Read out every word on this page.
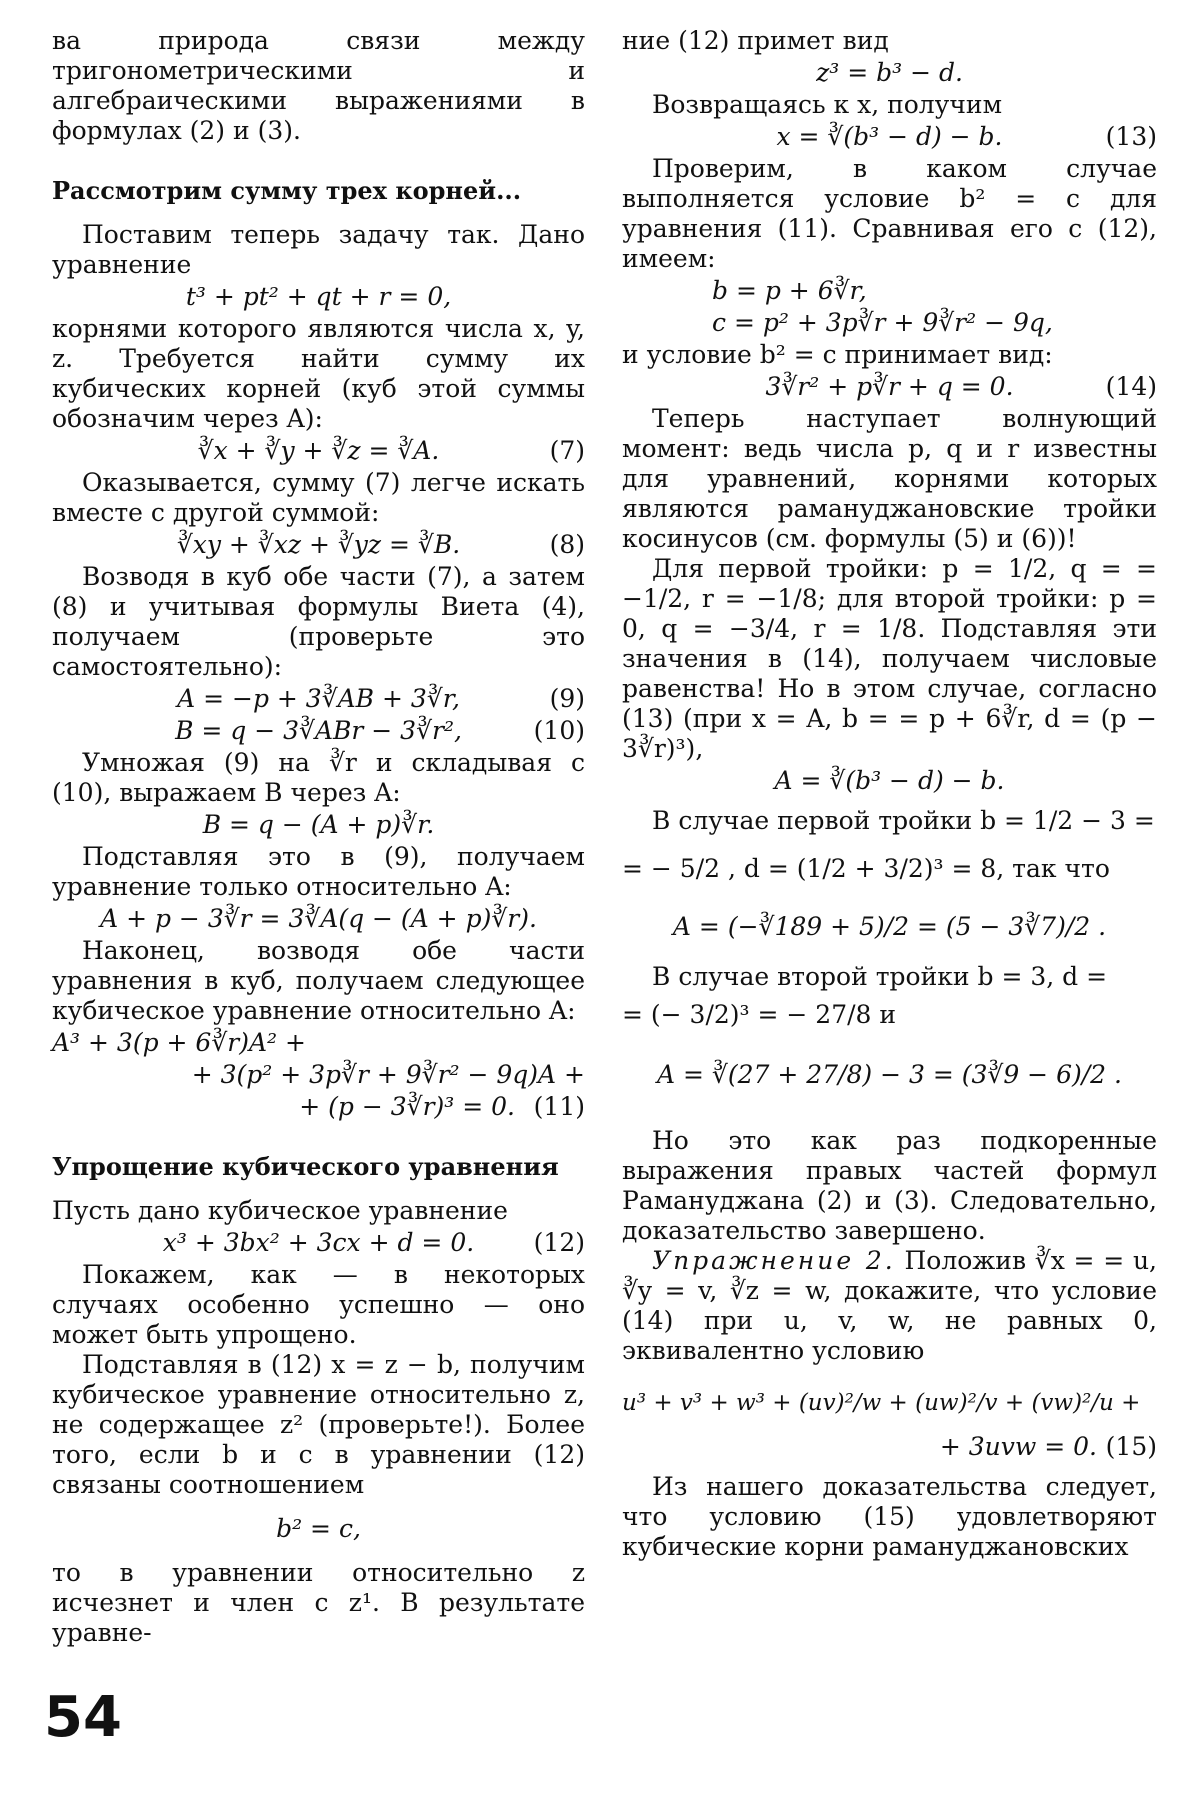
ва природа связи между тригонометрическими и алгебраическими выражениями в формулах (2) и (3).

Рассмотрим сумму трех корней...

Поставим теперь задачу так. Дано уравнение

t³ + pt² + qt + r = 0,

корнями которого являются числа x, y, z. Требуется найти сумму их кубических корней (куб этой суммы обозначим через A):

∛x + ∛y + ∛z = ∛A.	(7)

Оказывается, сумму (7) легче искать вместе с другой суммой:

∛xy + ∛xz + ∛yz = ∛B.	(8)

Возводя в куб обе части (7), а затем (8) и учитывая формулы Виета (4), получаем (проверьте это самостоятельно):

A = −p + 3∛AB + 3∛r,	(9)
B = q − 3∛ABr − 3∛r²,	(10)

Умножая (9) на ∛r и складывая с (10), выражаем B через A:

B = q − (A + p)∛r.

Подставляя это в (9), получаем уравнение только относительно A:

A + p − 3∛r = 3∛A(q − (A + p)∛r).

Наконец, возводя обе части уравнения в куб, получаем следующее кубическое уравнение относительно A:

A³ + 3(p + 6∛r)A² +
+ 3(p² + 3p∛r + 9∛r² − 9q)A +
+ (p − 3∛r)³ = 0. (11)

Упрощение кубического уравнения

Пусть дано кубическое уравнение

x³ + 3bx² + 3cx + d = 0.	(12)

Покажем, как — в некоторых случаях особенно успешно — оно может быть упрощено.

Подставляя в (12) x = z − b, получим кубическое уравнение относительно z, не содержащее z² (проверьте!). Более того, если b и c в уравнении (12) связаны соотношением

b² = c,

то в уравнении относительно z исчезнет и член с z¹. В результате уравне-

ние (12) примет вид

z³ = b³ − d.

Возвращаясь к x, получим

x = ∛(b³ − d) − b.	(13)

Проверим, в каком случае выполняется условие b² = c для уравнения (11). Сравнивая его с (12), имеем:

b = p + 6∛r,
c = p² + 3p∛r + 9∛r² − 9q,

и условие b² = c принимает вид:

3∛r² + p∛r + q = 0.	(14)

Теперь наступает волнующий момент: ведь числа p, q и r известны для уравнений, корнями которых являются рамануджановские тройки косинусов (см. формулы (5) и (6))!

Для первой тройки: p = 1/2, q = = −1/2, r = −1/8; для второй тройки: p = 0, q = −3/4, r = 1/8. Подставляя эти значения в (14), получаем числовые равенства! Но в этом случае, согласно (13) (при x = A, b = = p + 6∛r, d = (p − 3∛r)³),

A = ∛(b³ − d) − b.

В случае первой тройки b = 1/2 − 3 =

= − 5/2 , d = (1/2 + 3/2)³ = 8, так что

A = (−∛189 + 5)/2 = (5 − 3∛7)/2 .

В случае второй тройки b = 3, d =

= (− 3/2)³ = − 27/8 и

A = ∛(27 + 27/8) − 3 = (3∛9 − 6)/2 .

Но это как раз подкоренные выражения правых частей формул Рамануджана (2) и (3). Следовательно, доказательство завершено.

Упражнение 2. Положив ∛x = = u, ∛y = v, ∛z = w, докажите, что условие (14) при u, v, w, не равных 0, эквивалентно условию

u³ + v³ + w³ + (uv)²/w + (uw)²/v + (vw)²/u +
+ 3uvw = 0. (15)

Из нашего доказательства следует, что условию (15) удовлетворяют кубические корни рамануджановских

54
